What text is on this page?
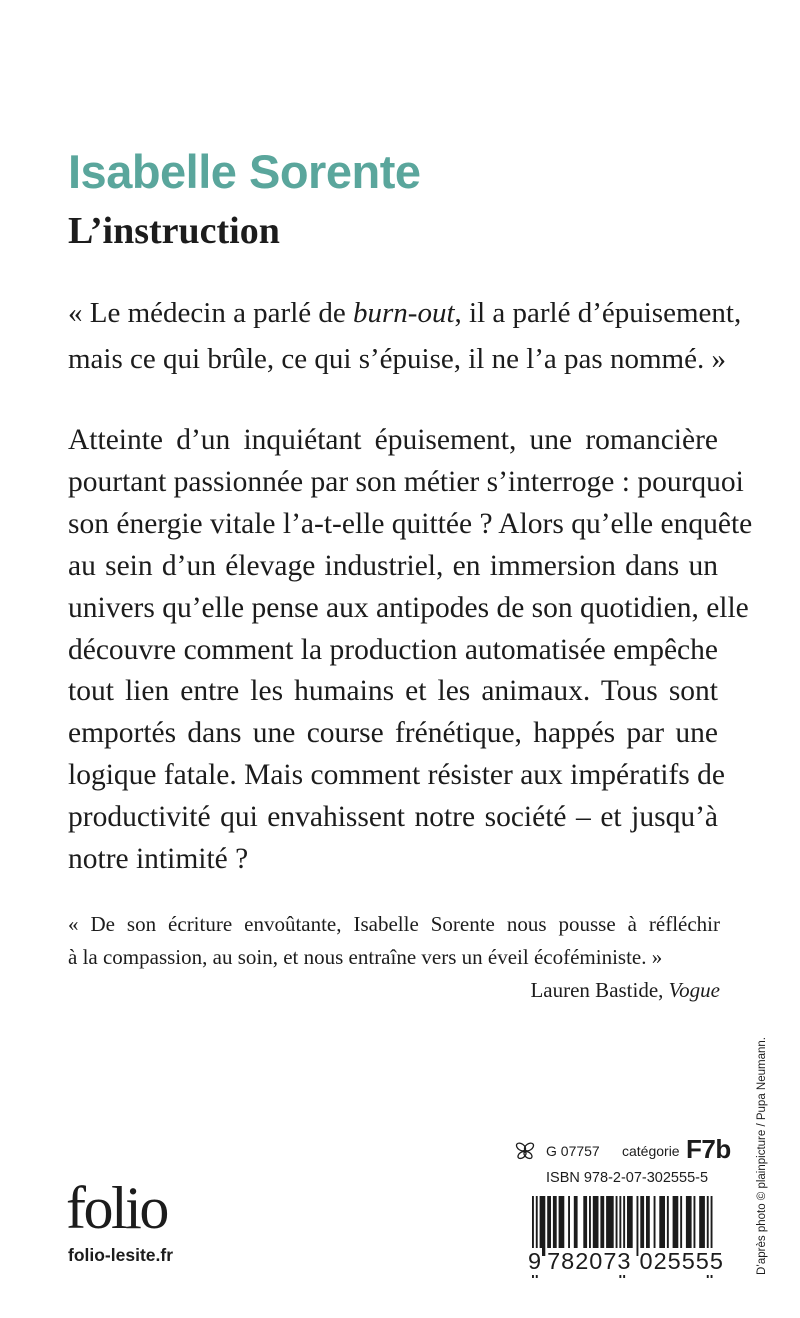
Isabelle Sorente
L’instruction

« Le médecin a parlé de burn-out, il a parlé d’épuisement,
mais ce qui brûle, ce qui s’épuise, il ne l’a pas nommé. »

Atteinte d’un inquiétant épuisement, une romancière
pourtant passionnée par son métier s’interroge : pourquoi
son énergie vitale l’a-t-elle quittée ? Alors qu’elle enquête
au sein d’un élevage industriel, en immersion dans un
univers qu’elle pense aux antipodes de son quotidien, elle
découvre comment la production automatisée empêche
tout lien entre les humains et les animaux. Tous sont
emportés dans une course frénétique, happés par une
logique fatale. Mais comment résister aux impératifs de
productivité qui envahissent notre société – et jusqu’à
notre intimité ?

« De son écriture envoûtante, Isabelle Sorente nous pousse à réfléchir
à la compassion, au soin, et nous entraîne vers un éveil écoféministe. »
Lauren Bastide, Vogue

D’après photo © plainpicture / Pupa Neumann.
G 07757 catégorie F7b
ISBN 978-2-07-302555-5
9 782073 025555
folio
folio-lesite.fr
